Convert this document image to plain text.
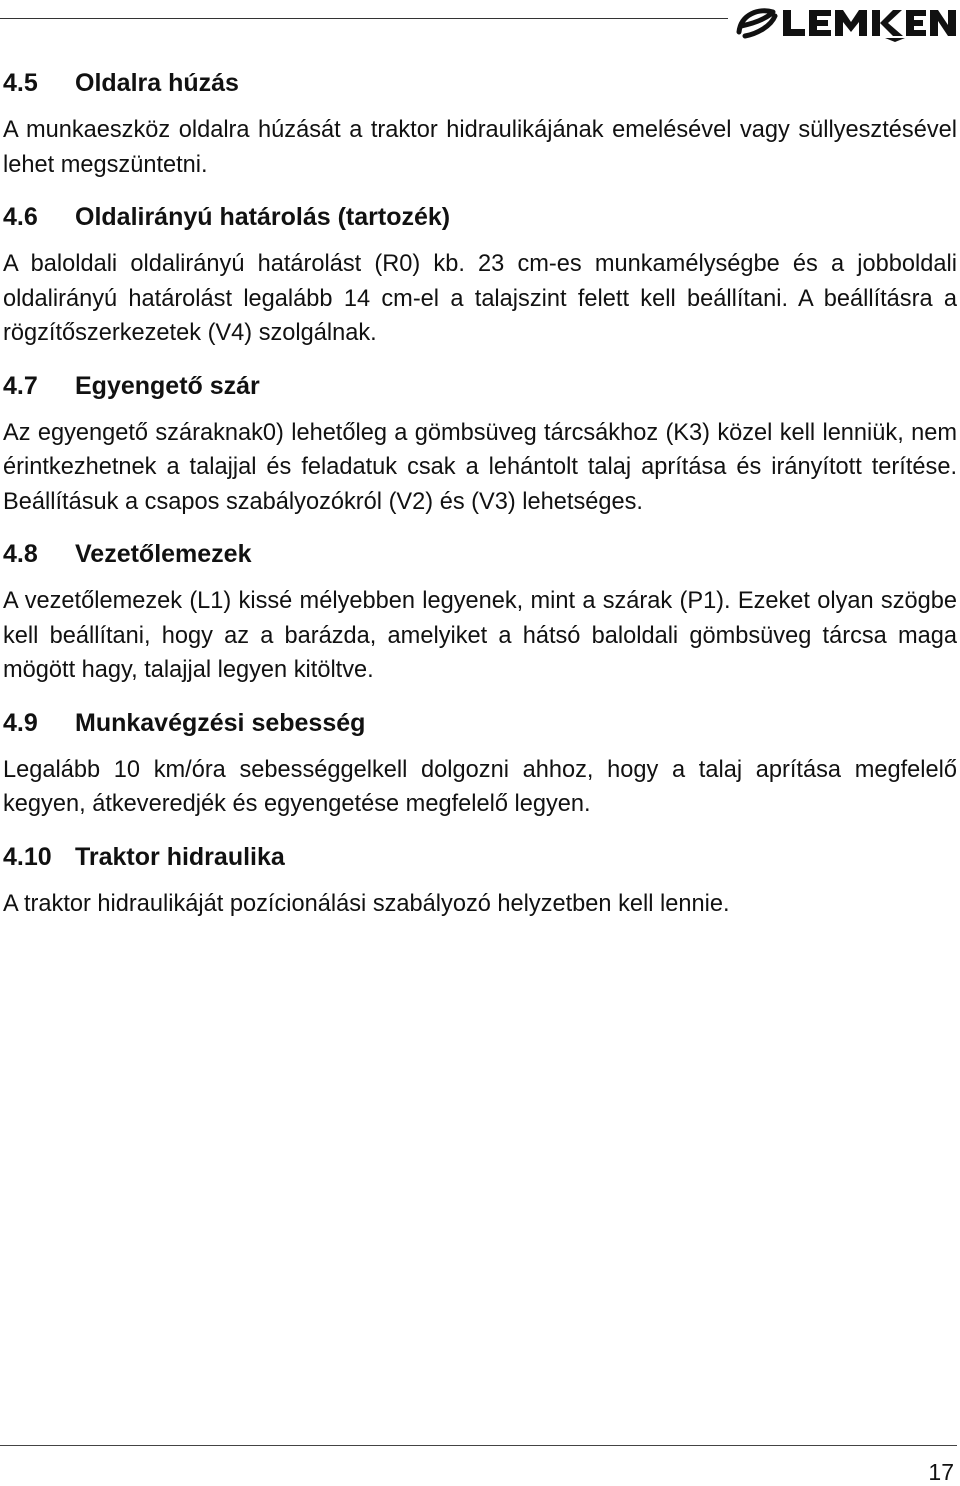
4.5	Oldalra húzás

A munkaeszköz oldalra húzását a traktor hidraulikájának emelésével vagy süllyesztésével lehet megszüntetni.

4.6	Oldalirányú határolás (tartozék)

A baloldali oldalirányú határolást (R0) kb. 23 cm-es munkamélységbe és a jobboldali oldalirányú határolást legalább 14 cm-el a talajszint felett kell beállítani. A beállításra a rögzítőszerkezetek (V4) szolgálnak.

4.7	Egyengető szár

Az egyengető száraknak0) lehetőleg a gömbsüveg tárcsákhoz (K3) közel kell lenniük, nem érintkezhetnek a talajjal és feladatuk csak a lehántolt talaj aprítása és irányított terítése. Beállításuk a csapos szabályozókról (V2) és (V3) lehetséges.

4.8	Vezetőlemezek

A vezetőlemezek (L1) kissé mélyebben legyenek, mint a szárak (P1). Ezeket olyan szögbe kell beállítani, hogy az a barázda, amelyiket a hátsó baloldali gömbsüveg tárcsa maga mögött hagy, talajjal legyen kitöltve.

4.9	Munkavégzési sebesség

Legalább 10 km/óra sebességgelkell dolgozni ahhoz, hogy a talaj aprítása megfelelő kegyen, átkeveredjék és egyengetése megfelelő legyen.

4.10 Traktor hidraulika

A traktor hidraulikáját pozícionálási szabályozó helyzetben kell lennie.

17
